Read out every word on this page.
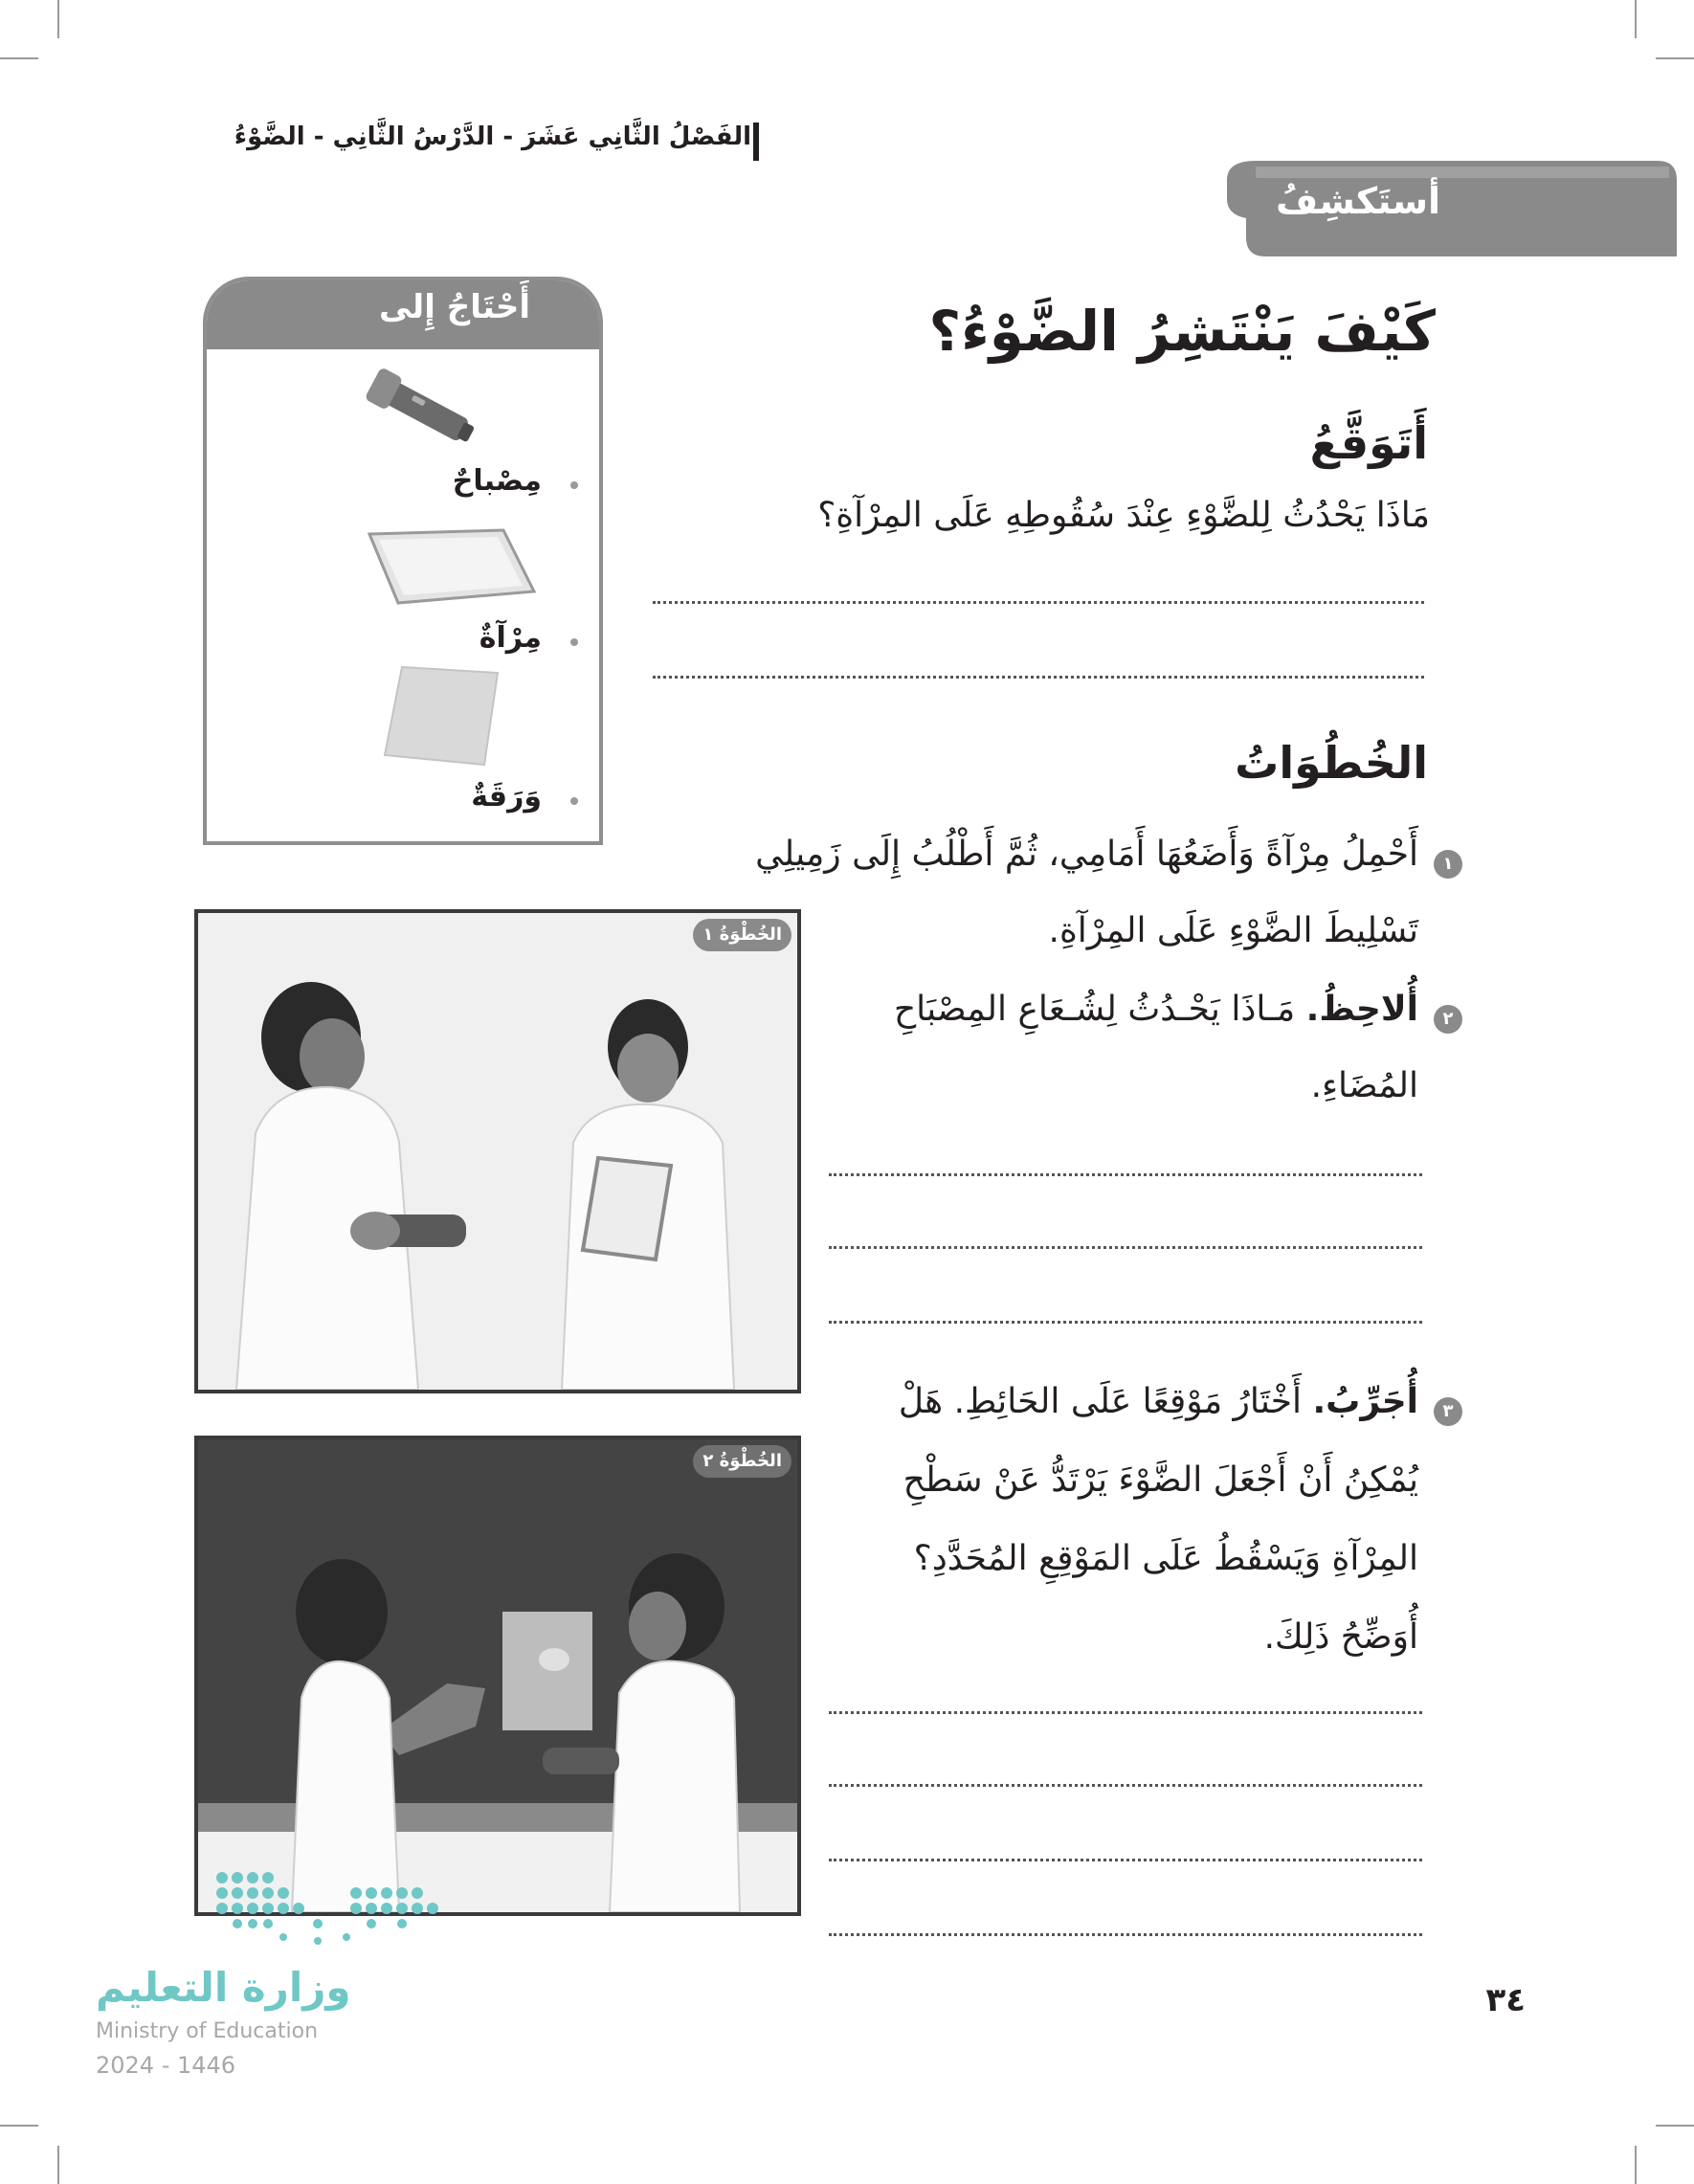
الفَصْلُ الثَّانِي عَشَرَ - الدَّرْسُ الثَّانِي - الضَّوْءُ
أستَكشِفُ
أَحْتَاجُ إِلى
مِصْباحٌ
مِرْآةٌ
وَرَقَةٌ
كَيْفَ يَنْتَشِرُ الضَّوْءُ؟
أَتَوَقَّعُ
مَاذَا يَحْدُثُ لِلضَّوْءِ عِنْدَ سُقُوطِهِ عَلَى المِرْآةِ؟
الخُطُوَاتُ
١
أَحْمِلُ مِرْآةً وَأَضَعُهَا أَمَامِي، ثُمَّ أَطْلُبُ إِلَى زَمِيلِي
تَسْلِيطَ الضَّوْءِ عَلَى المِرْآةِ.
٢
أُلاحِظُ. مَـاذَا يَحْـدُثُ لِشُـعَاعِ المِصْبَاحِ
المُضَاءِ.
٣
أُجَرِّبُ. أَخْتَارُ مَوْقِعًا عَلَى الحَائِطِ. هَلْ
يُمْكِنُ أَنْ أَجْعَلَ الضَّوْءَ يَرْتَدُّ عَنْ سَطْحِ
المِرْآةِ وَيَسْقُطُ عَلَى المَوْقِعِ المُحَدَّدِ؟
أُوَضِّحُ ذَلِكَ.
الخُطْوَةُ ١
الخُطْوَةُ ٢
وزارة التعليم
Ministry of Education
2024 - 1446
٣٤
